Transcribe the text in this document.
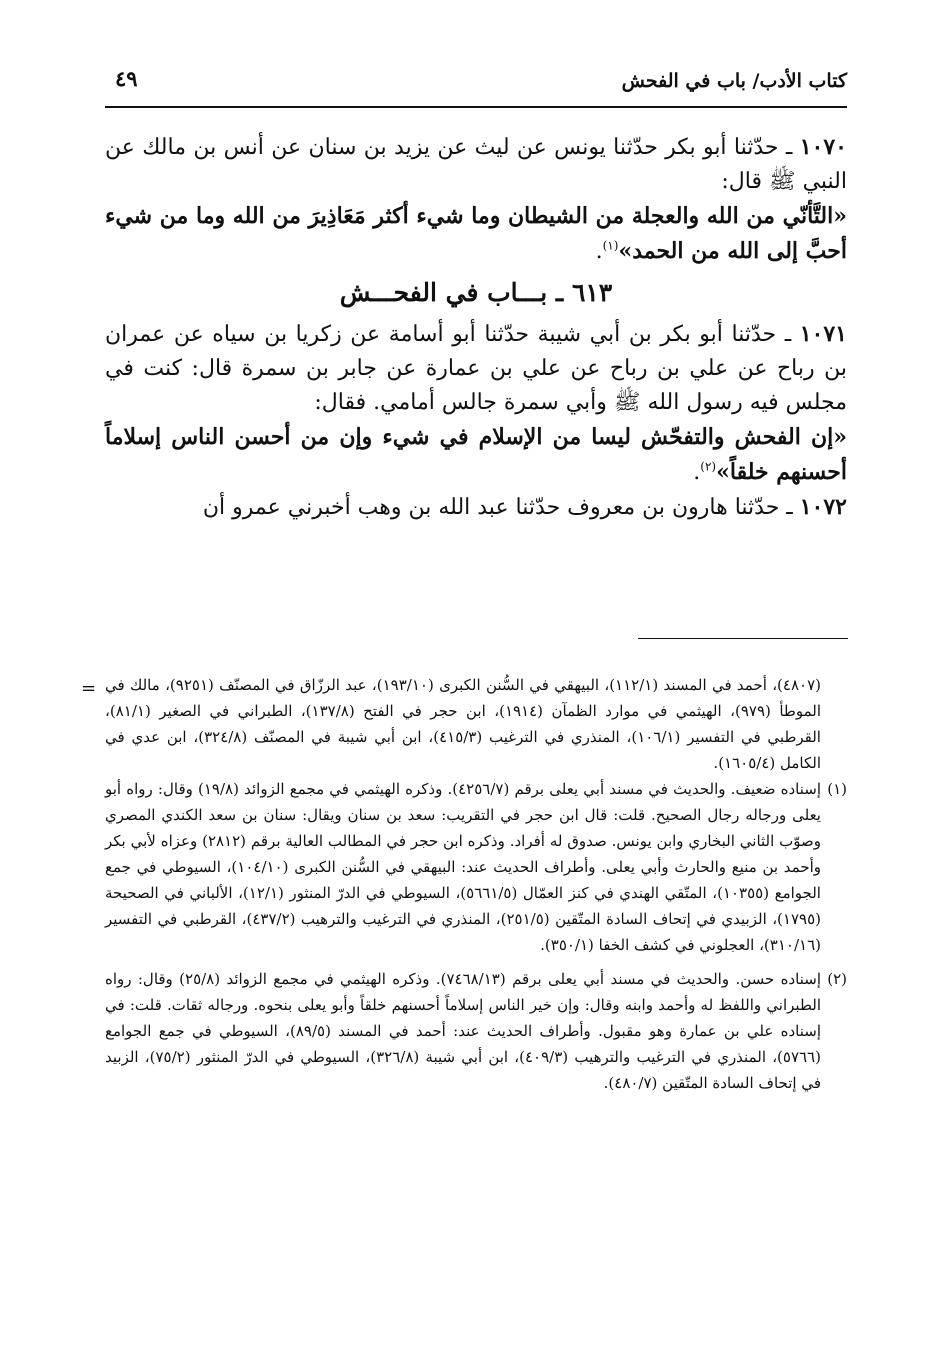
كتاب الأدب/ باب في الفحش
٤٩

١٠٧٠ ـ حدّثنا أبو بكر حدّثنا يونس عن ليث عن يزيد بن سنان عن أنس بن مالك عن النبي ﷺ قال:

«التَّأنّي من الله والعجلة من الشيطان وما شيء أكثر مَعَاذِيرَ من الله وما من شيء أحبَّ إلى الله من الحمد»$^{(١)}$.

٦١٣ ـ بـــاب في الفحـــش

١٠٧١ ـ حدّثنا أبو بكر بن أبي شيبة حدّثنا أبو أسامة عن زكريا بن سياه عن عمران بن رباح عن علي بن رباح عن علي بن عمارة عن جابر بن سمرة قال: كنت في مجلس فيه رسول الله ﷺ وأبي سمرة جالس أمامي. فقال:

«إن الفحش والتفحّش ليسا من الإسلام في شيء وإن من أحسن الناس إسلاماً أحسنهم خلقاً»$^{(٢)}$.

١٠٧٢ ـ حدّثنا هارون بن معروف حدّثنا عبد الله بن وهب أخبرني عمرو أن

= (٤٨٠٧)، أحمد في المسند (١١٢/١)، البيهقي في السُّنن الكبرى (١٩٣/١٠)، عبد الرزّاق في المصنّف (٩٢٥١)، مالك في الموطأ (٩٧٩)، الهيثمي في موارد الظمآن (١٩١٤)، ابن حجر في الفتح (١٣٧/٨)، الطبراني في الصغير (٨١/١)، القرطبي في التفسير (١٠٦/١)، المنذري في الترغيب (٤١٥/٣)، ابن أبي شيبة في المصنّف (٣٢٤/٨)، ابن عدي في الكامل (١٦٠٥/٤).

(١)
إسناده ضعيف. والحديث في مسند أبي يعلى برقم (٤٢٥٦/٧). وذكره الهيثمي في مجمع الزوائد (١٩/٨) وقال: رواه أبو يعلى ورجاله رجال الصحيح. قلت: قال ابن حجر في التقريب: سعد بن سنان ويقال: سنان بن سعد الكندي المصري وصوّب الثاني البخاري وابن يونس. صدوق له أفراد. وذكره ابن حجر في المطالب العالية برقم (٢٨١٢) وعزاه لأبي بكر وأحمد بن منيع والحارث وأبي يعلى. وأطراف الحديث عند: البيهقي في السُّنن الكبرى (١٠٤/١٠)، السيوطي في جمع الجوامع (١٠٣٥٥)، المتّقي الهندي في كنز العمّال (٥٦٦١/٥)، السيوطي في الدرّ المنثور (١٢/١)، الألباني في الصحيحة (١٧٩٥)، الزبيدي في إتحاف السادة المتّقين (٢٥١/٥)، المنذري في الترغيب والترهيب (٤٣٧/٢)، القرطبي في التفسير (٣١٠/١٦)، العجلوني في كشف الخفا (٣٥٠/١).

(٢)
إسناده حسن. والحديث في مسند أبي يعلى برقم (٧٤٦٨/١٣). وذكره الهيثمي في مجمع الزوائد (٢٥/٨) وقال: رواه الطبراني واللفظ له وأحمد وابنه وقال: وإن خير الناس إسلاماً أحسنهم خلقاً وأبو يعلى بنحوه. ورجاله ثقات. قلت: في إسناده علي بن عمارة وهو مقبول. وأطراف الحديث عند: أحمد في المسند (٨٩/٥)، السيوطي في جمع الجوامع (٥٧٦٦)، المنذري في الترغيب والترهيب (٤٠٩/٣)، ابن أبي شيبة (٣٢٦/٨)، السيوطي في الدرّ المنثور (٧٥/٢)، الزبيد في إتحاف السادة المتّقين (٤٨٠/٧).
